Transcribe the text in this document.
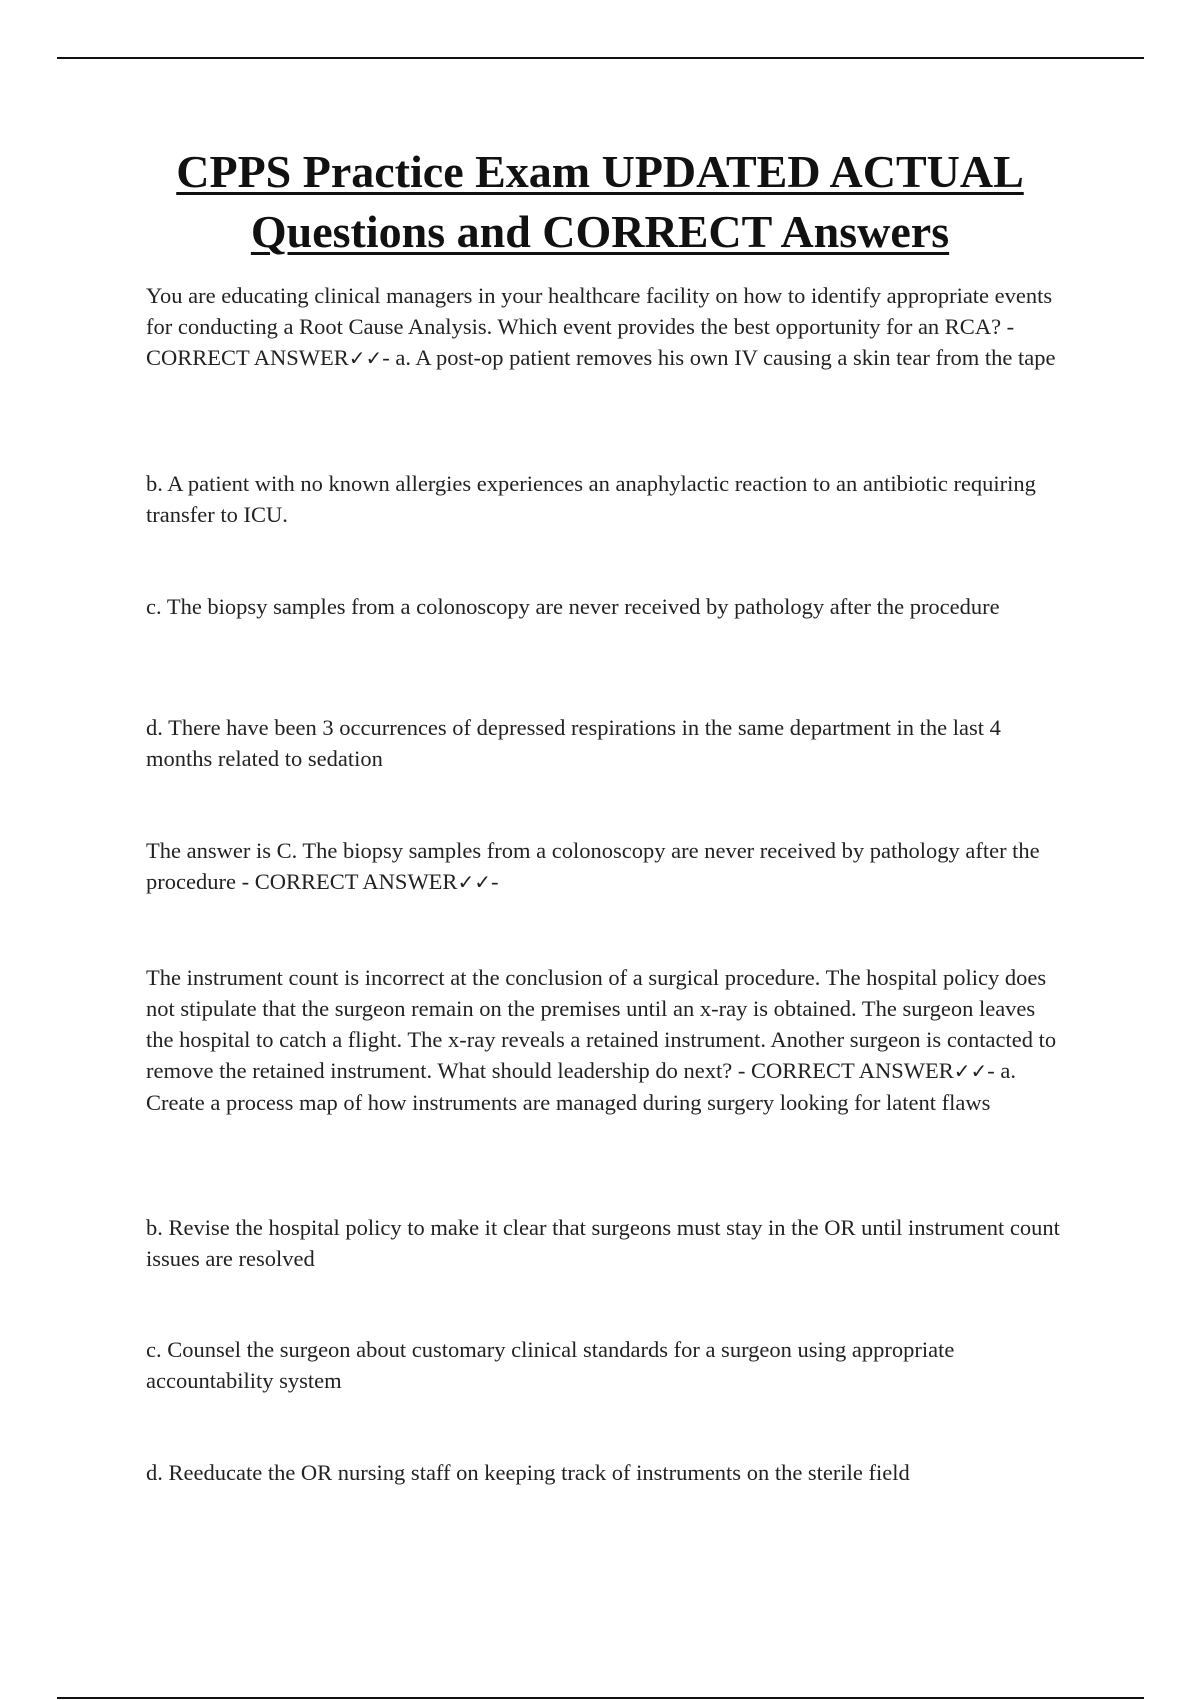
CPPS Practice Exam UPDATED ACTUAL
Questions and CORRECT Answers

You are educating clinical managers in your healthcare facility on how to identify appropriate events for conducting a Root Cause Analysis. Which event provides the best opportunity for an RCA? - CORRECT ANSWER✓✓- a. A post-op patient removes his own IV causing a skin tear from the tape

b. A patient with no known allergies experiences an anaphylactic reaction to an antibiotic requiring transfer to ICU.

c. The biopsy samples from a colonoscopy are never received by pathology after the procedure

d. There have been 3 occurrences of depressed respirations in the same department in the last 4 months related to sedation

The answer is C. The biopsy samples from a colonoscopy are never received by pathology after the procedure - CORRECT ANSWER✓✓-

The instrument count is incorrect at the conclusion of a surgical procedure. The hospital policy does not stipulate that the surgeon remain on the premises until an x-ray is obtained. The surgeon leaves the hospital to catch a flight. The x-ray reveals a retained instrument. Another surgeon is contacted to remove the retained instrument. What should leadership do next? - CORRECT ANSWER✓✓- a. Create a process map of how instruments are managed during surgery looking for latent flaws

b. Revise the hospital policy to make it clear that surgeons must stay in the OR until instrument count issues are resolved

c. Counsel the surgeon about customary clinical standards for a surgeon using appropriate accountability system

d. Reeducate the OR nursing staff on keeping track of instruments on the sterile field
